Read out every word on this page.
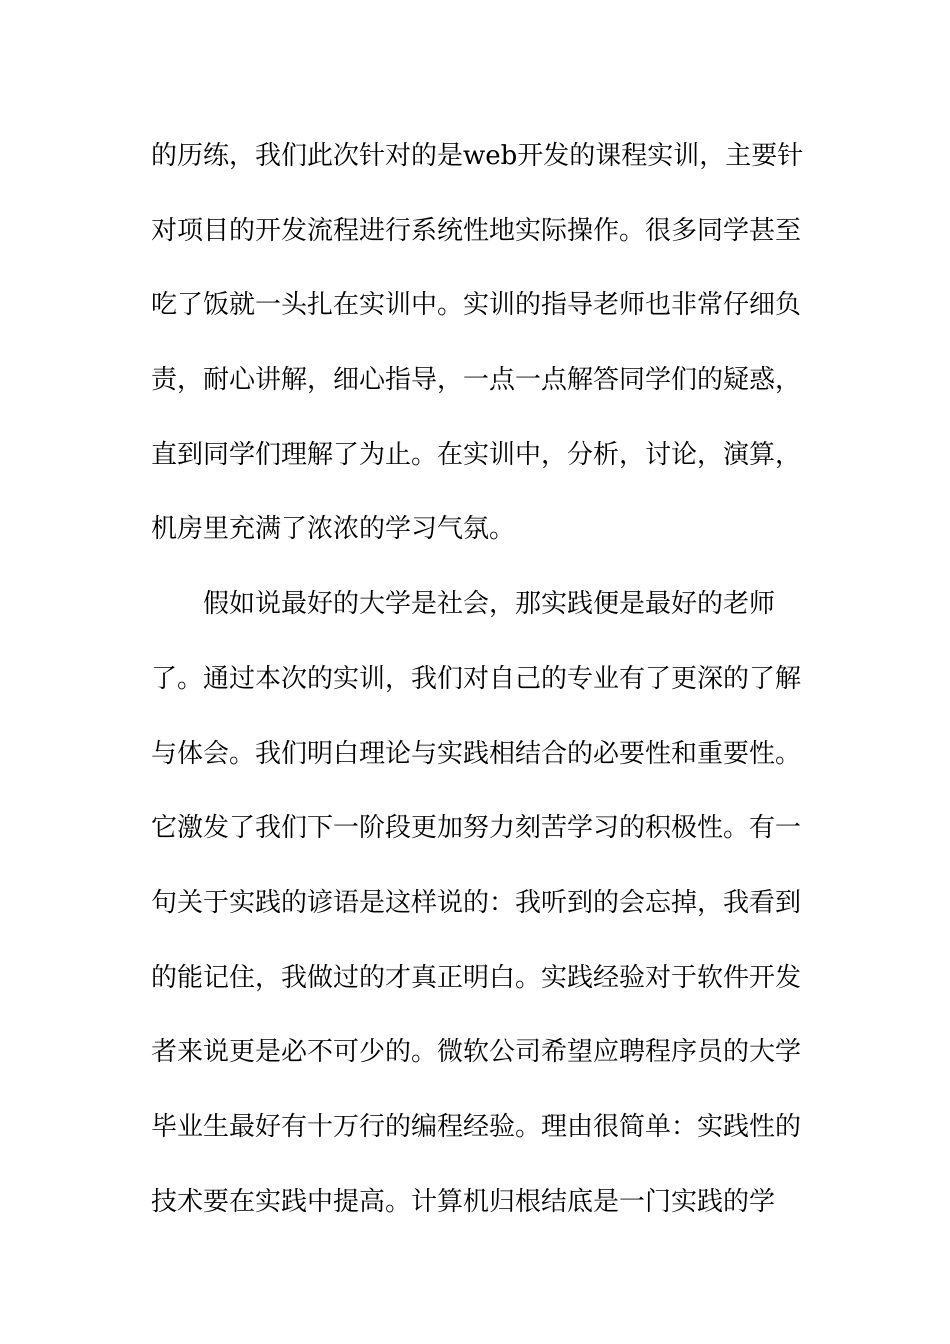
的历练，我们此次针对的是web开发的课程实训，主要针
对项目的开发流程进行系统性地实际操作。很多同学甚至
吃了饭就一头扎在实训中。实训的指导老师也非常仔细负
责，耐心讲解，细心指导，一点一点解答同学们的疑惑，
直到同学们理解了为止。在实训中，分析，讨论，演算，
机房里充满了浓浓的学习气氛。
假如说最好的大学是社会，那实践便是最好的老师
了。通过本次的实训，我们对自己的专业有了更深的了解
与体会。我们明白理论与实践相结合的必要性和重要性。
它激发了我们下一阶段更加努力刻苦学习的积极性。有一
句关于实践的谚语是这样说的：我听到的会忘掉，我看到
的能记住，我做过的才真正明白。实践经验对于软件开发
者来说更是必不可少的。微软公司希望应聘程序员的大学
毕业生最好有十万行的编程经验。理由很简单：实践性的
技术要在实践中提高。计算机归根结底是一门实践的学
